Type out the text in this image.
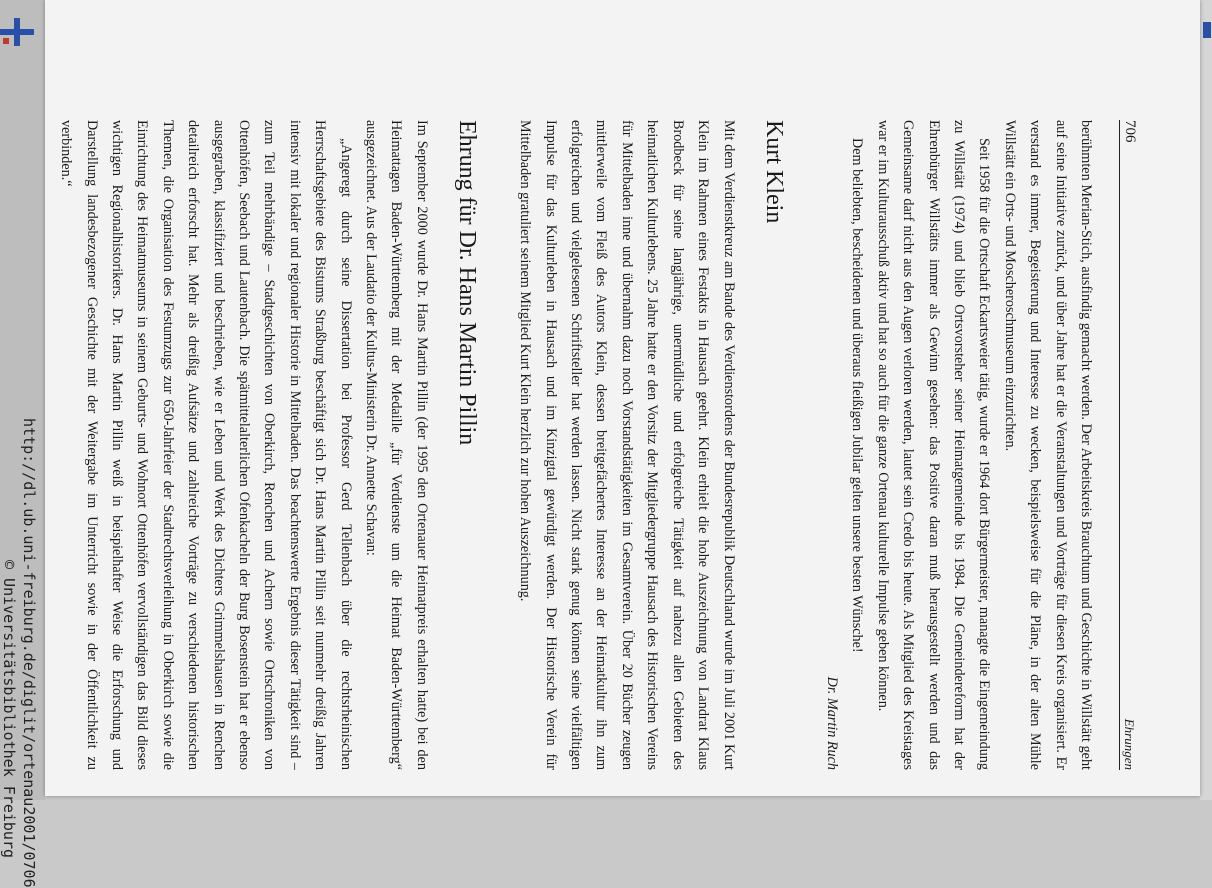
706
Ehrungen

berühmten Merian-Stich, ausfindig gemacht werden. Der Arbeitskreis Brauchtum und Geschichte in Willstätt geht auf seine Initiative zurück, und über Jahre hat er die Veranstaltungen und Vorträge für diesen Kreis organisiert. Er verstand es immer, Begeisterung und Interesse zu wecken, beispielsweise für die Pläne, in der alten Mühle Willstätt ein Orts- und Moscheroschmuseum einzurichten.

Seit 1958 für die Ortschaft Eckartsweier tätig, wurde er 1964 dort Bürgermeister, managte die Eingemeindung zu Willstätt (1974) und blieb Ortsvorsteher seiner Heimatgemeinde bis 1984. Die Gemeindereform hat der Ehrenbürger Willstätts immer als Gewinn gesehen: das Positive daran muß herausgestellt werden und das Gemeinsame darf nicht aus den Augen verloren werden, lautet sein Credo bis heute. Als Mitglied des Kreistages war er im Kulturausschuß aktiv und hat so auch für die ganze Ortenau kulturelle Impulse geben können.

Dem beliebten, bescheidenen und überaus fleißigen Jubilar gelten unsere besten Wünsche!

Dr. Martin Ruch

Kurt Klein

Mit dem Verdienstkreuz am Bande des Verdienstordens der Bundesrepublik Deutschland wurde im Juli 2001 Kurt Klein im Rahmen eines Festakts in Hausach geehrt. Klein erhielt die hohe Auszeichnung von Landrat Klaus Brodbeck für seine langjährige, unermüdliche und erfolgreiche Tätigkeit auf nahezu allen Gebieten des heimatlichen Kulturlebens. 25 Jahre hatte er den Vorsitz der Mitgliedergruppe Hausach des Historischen Vereins für Mittelbaden inne und übernahm dazu noch Vorstandstätigkeiten im Gesamtverein. Über 20 Bücher zeugen mittlerweile vom Fleiß des Autors Klein, dessen breitgefächertes Interesse an der Heimatkultur ihn zum erfolgreichen und vielgelesenen Schriftsteller hat werden lassen. Nicht stark genug können seine vielfältigen Impulse für das Kulturleben in Hausach und im Kinzigtal gewürdigt werden. Der Historische Verein für Mittelbaden gratuliert seinem Mitglied Kurt Klein herzlich zur hohen Auszeichnung.

Ehrung für Dr. Hans Martin Pillin

Im September 2000 wurde Dr. Hans Martin Pillin (der 1995 den Ortenauer Heimatpreis erhalten hatte) bei den Heimattagen Baden-Württemberg mit der Medaille „für Verdienste um die Heimat Baden-Württemberg“ ausgezeichnet. Aus der Laudatio der Kultus-Ministerin Dr. Annette Schavan:

„Angeregt durch seine Dissertation bei Professor Gerd Tellenbach über die rechtsrheinischen Herrschaftsgebiete des Bistums Straßburg beschäftigt sich Dr. Hans Martin Pillin seit nunmehr dreißig Jahren intensiv mit lokaler und regionaler Historie in Mittelbaden. Das beachtenswerte Ergebnis dieser Tätigkeit sind – zum Teil mehrbändige – Stadtgeschichten von Oberkirch, Renchen und Achern sowie Ortschroniken von Ottenhöfen, Seebach und Lautenbach. Die spätmittelalterlichen Ofenkacheln der Burg Bosenstein hat er ebenso ausgegraben, klassifiziert und beschrieben, wie er Leben und Werk des Dichters Grimmelshausen in Renchen detailreich erforscht hat. Mehr als dreißig Aufsätze und zahlreiche Vorträge zu verschiedenen historischen Themen, die Organisation des Festumzugs zur 650-Jahrfeier der Stadtrechtsverleihung in Oberkirch sowie die Einrichtung des Heimatmuseums in seinem Geburts- und Wohnort Ottenhöfen vervollständigen das Bild dieses wichtigen Regionalhistorikers. Dr. Hans Martin Pillin weiß in beispielhafter Weise die Erforschung und Darstellung landesbezogener Geschichte mit der Weitergabe im Unterricht sowie in der Öffentlichkeit zu verbinden.“

http://dl.ub.uni-freiburg.de/diglit/ortenau2001/0706
© Universitätsbibliothek Freiburg
